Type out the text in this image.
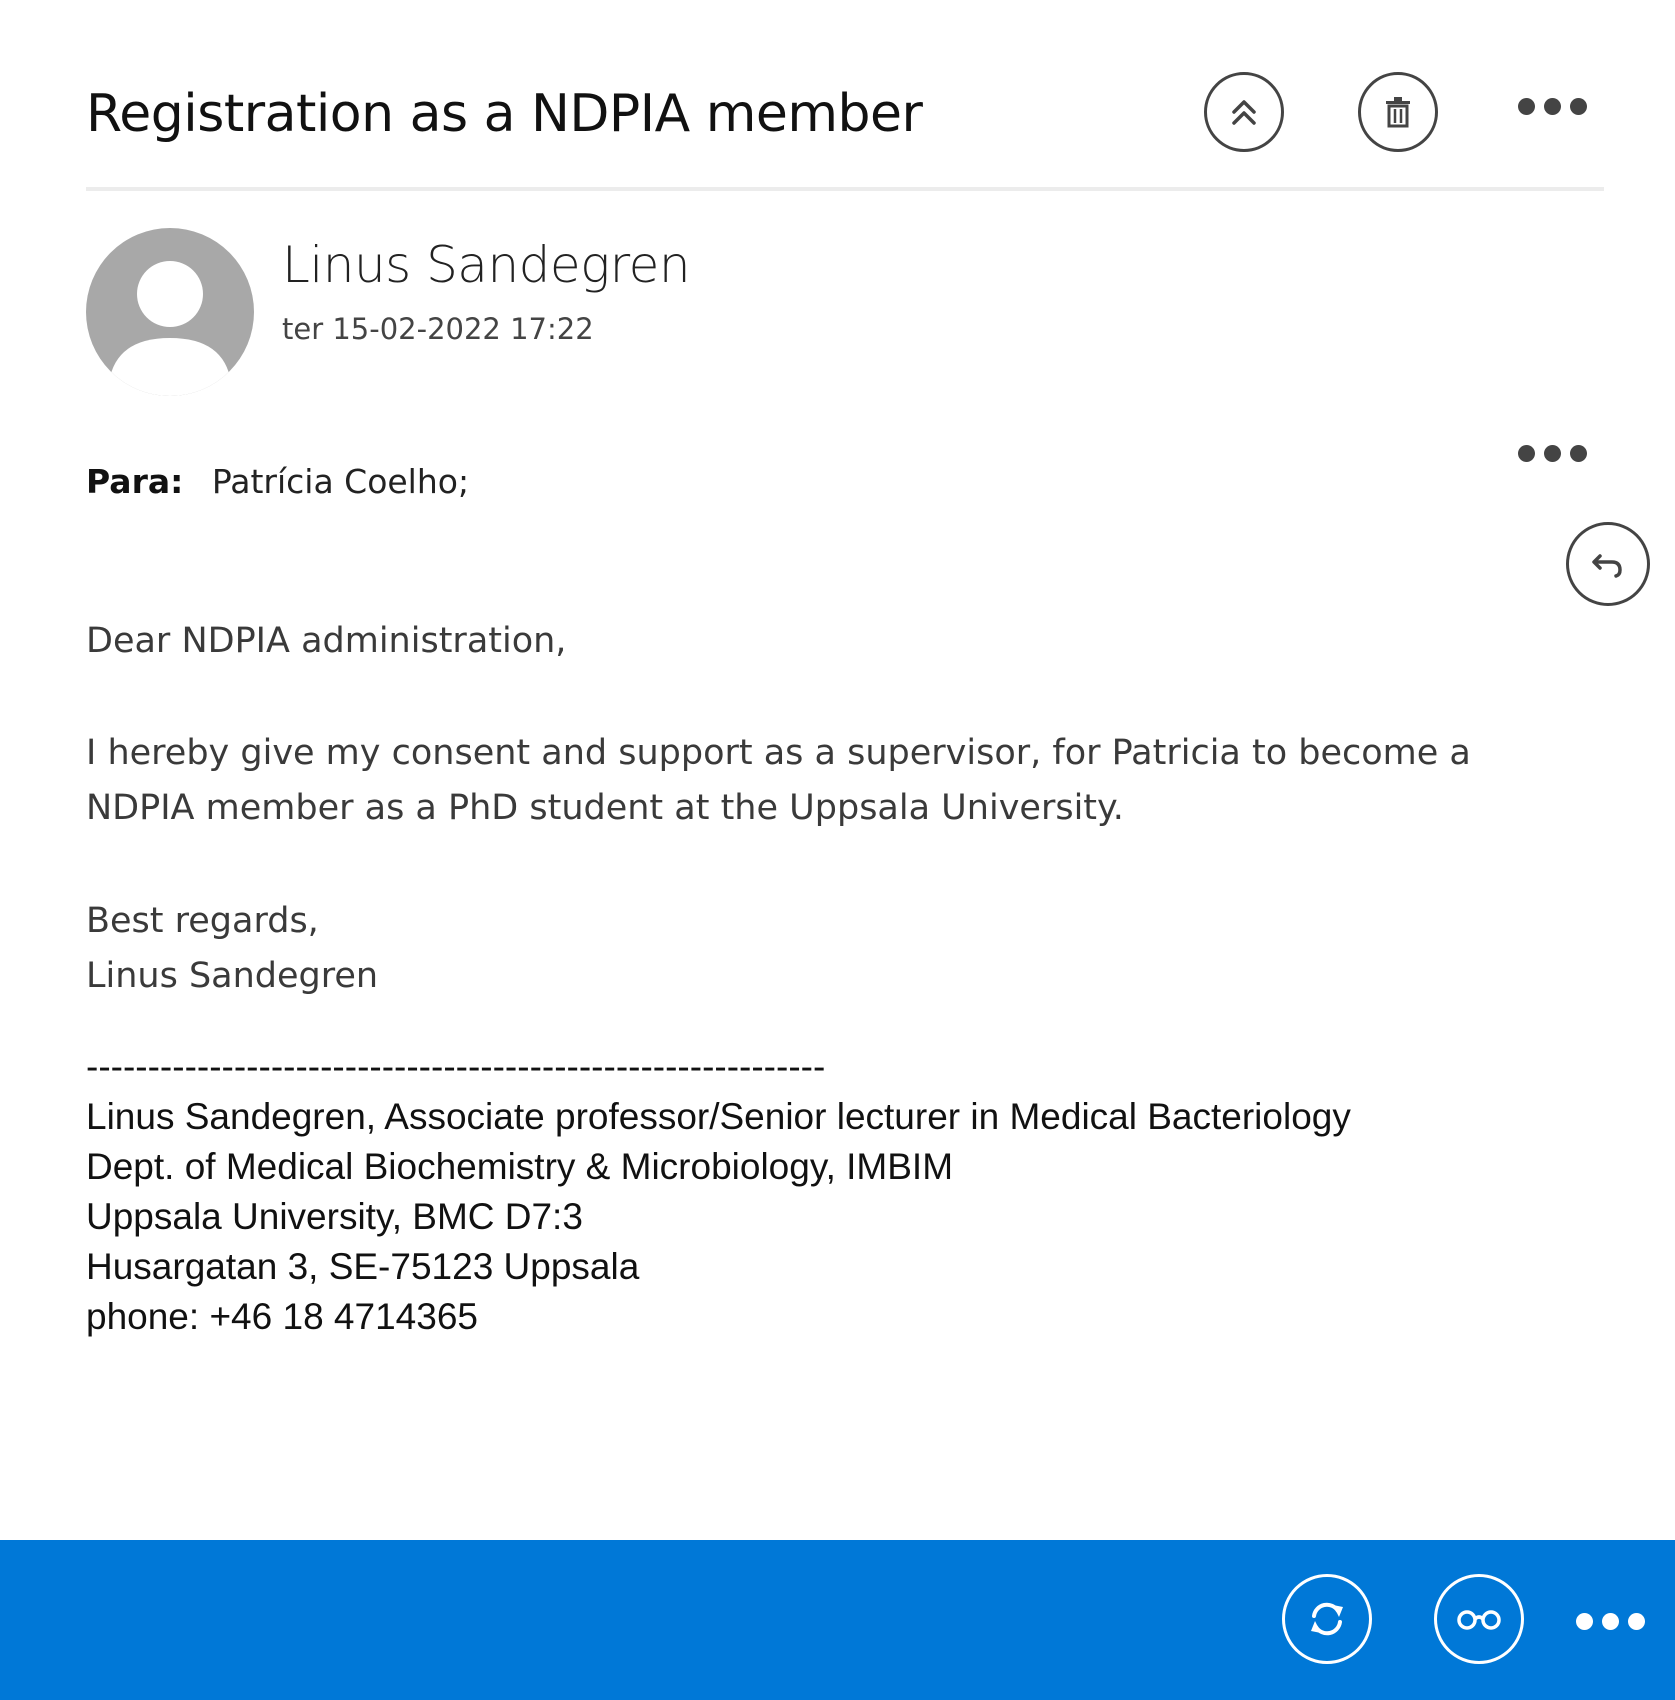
Registration as a NDPIA member
Linus Sandegren
ter 15-02-2022 17:22
Para: Patrícia Coelho;
Dear NDPIA administration,
I hereby give my consent and support as a supervisor, for Patricia to become a
NDPIA member as a PhD student at the Uppsala University.
Best regards,
Linus Sandegren
------------------------------------------------------------
Linus Sandegren, Associate professor/Senior lecturer in Medical Bacteriology
Dept. of Medical Biochemistry & Microbiology, IMBIM
Uppsala University, BMC D7:3
Husargatan 3, SE-75123 Uppsala
phone: +46 18 4714365
